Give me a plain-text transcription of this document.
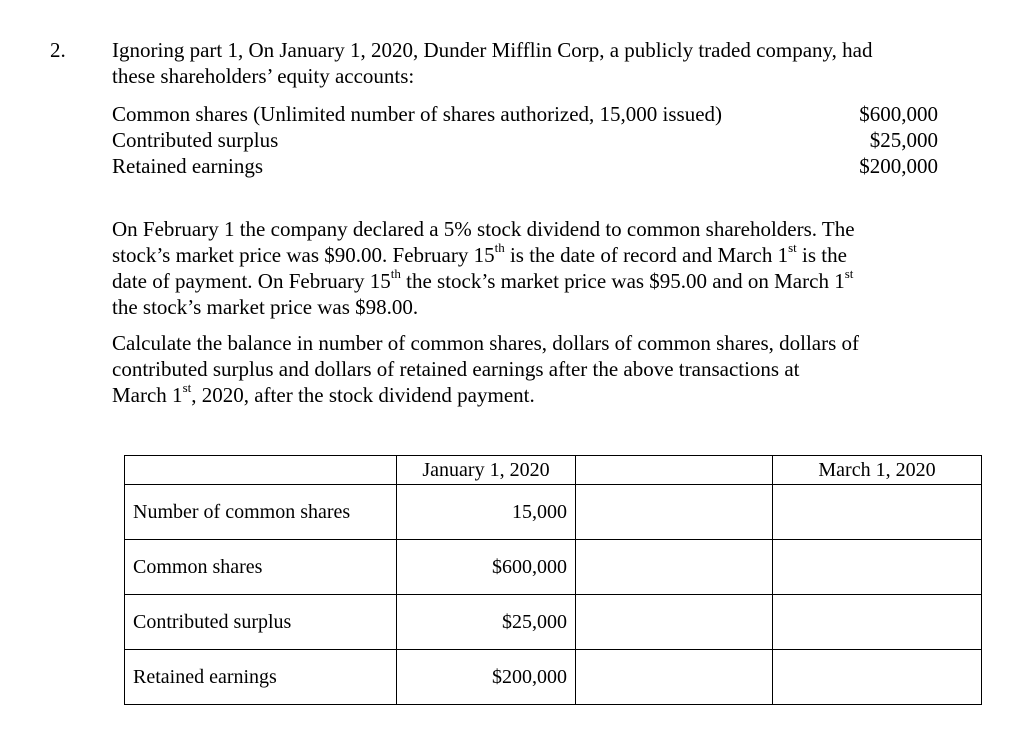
2. Ignoring part 1, On January 1, 2020, Dunder Mifflin Corp, a publicly traded company, had
these shareholders’ equity accounts:
Common shares (Unlimited number of shares authorized, 15,000 issued)	$600,000
Contributed surplus	$25,000
Retained earnings	$200,000
On February 1 the company declared a 5% stock dividend to common shareholders. The
stock’s market price was $90.00. February 15th is the date of record and March 1st is the
date of payment. On February 15th the stock’s market price was $95.00 and on March 1st
the stock’s market price was $98.00.
Calculate the balance in number of common shares, dollars of common shares, dollars of
contributed surplus and dollars of retained earnings after the above transactions at
March 1st, 2020, after the stock dividend payment.
	January 1, 2020		March 1, 2020
Number of common shares	15,000		
Common shares	$600,000		
Contributed surplus	$25,000		
Retained earnings	$200,000		
